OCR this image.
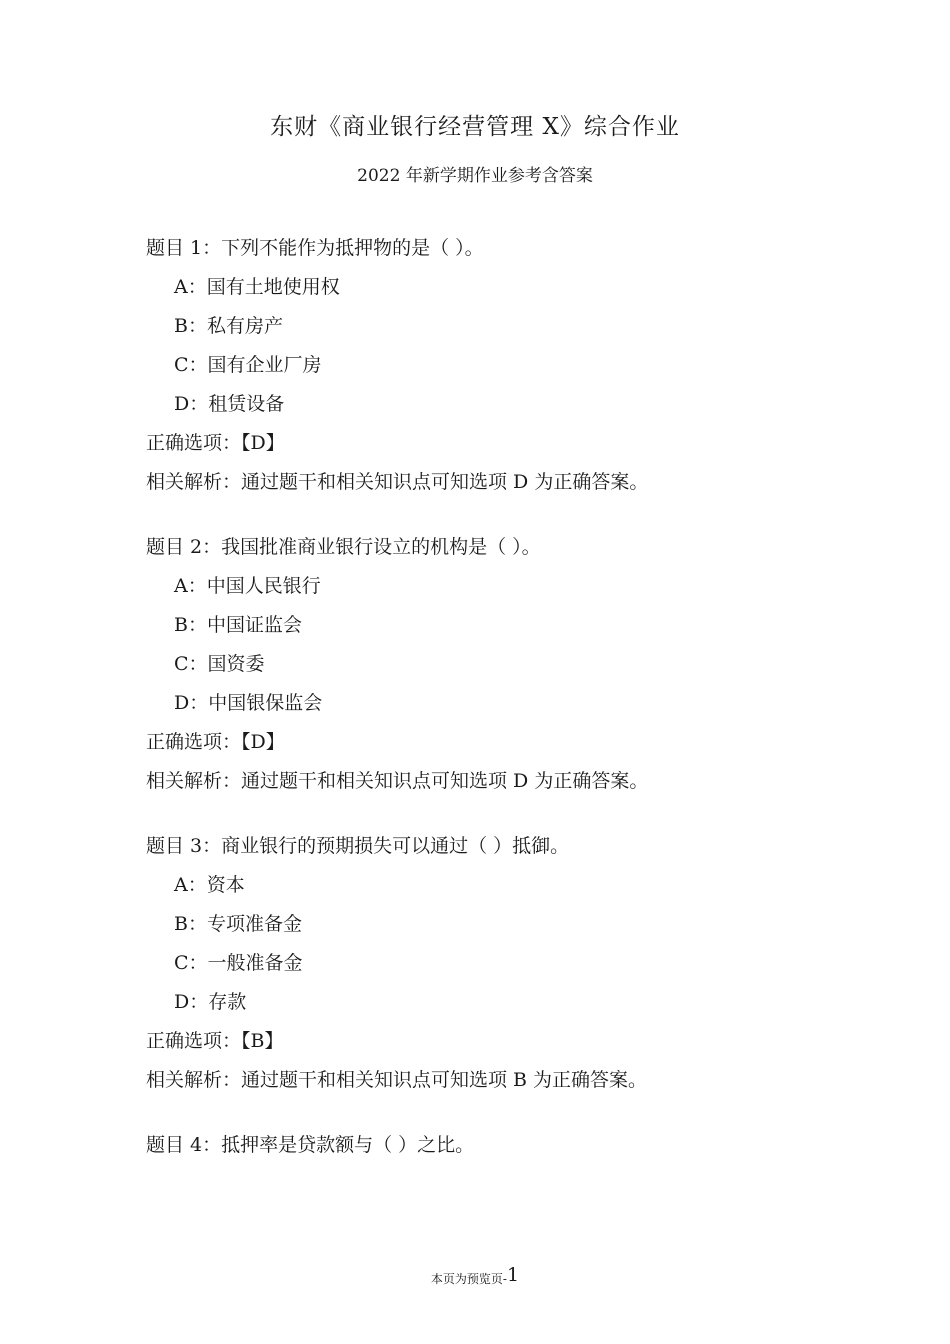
东财《商业银行经营管理 X》综合作业
2022 年新学期作业参考含答案
题目 1：下列不能作为抵押物的是（ ）。
A：国有土地使用权
B：私有房产
C：国有企业厂房
D：租赁设备
正确选项：【D】
相关解析：通过题干和相关知识点可知选项 D 为正确答案。
题目 2：我国批准商业银行设立的机构是（ ）。
A：中国人民银行
B：中国证监会
C：国资委
D：中国银保监会
正确选项：【D】
相关解析：通过题干和相关知识点可知选项 D 为正确答案。
题目 3：商业银行的预期损失可以通过（ ）抵御。
A：资本
B：专项准备金
C：一般准备金
D：存款
正确选项：【B】
相关解析：通过题干和相关知识点可知选项 B 为正确答案。
题目 4：抵押率是贷款额与（ ）之比。
本页为预览页-1
